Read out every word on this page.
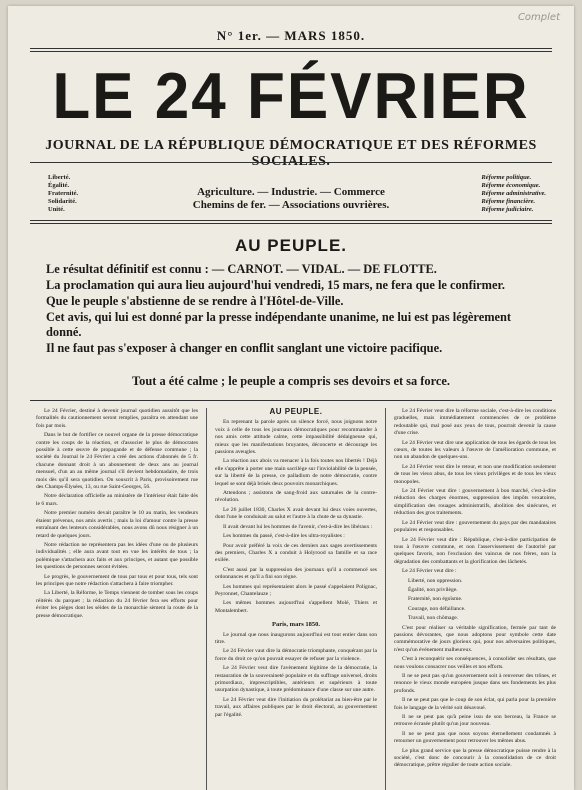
Complet
N° 1er. — MARS 1850.
LE 24 FÉVRIER
JOURNAL DE LA RÉPUBLIQUE DÉMOCRATIQUE ET DES RÉFORMES SOCIALES.
Liberté.
Égalité.
Fraternité.
Solidarité.
Unité.
Agriculture. — Industrie. — Commerce
Chemins de fer. — Associations ouvrières.
Réforme politique.
Réforme économique.
Réforme administrative.
Réforme financière.
Réforme judiciaire.
AU PEUPLE.

Le résultat définitif est connu : — CARNOT. — VIDAL. — DE FLOTTE.

La proclamation qui aura lieu aujourd'hui vendredi, 15 mars, ne fera que le confirmer.

Que le peuple s'abstienne de se rendre à l'Hôtel-de-Ville.

Cet avis, qui lui est donné par la presse indépendante unanime, ne lui est pas légèrement donné.

Il ne faut pas s'exposer à changer en conflit sanglant une victoire pacifique.

Tout a été calme ; le peuple a compris ses devoirs et sa force.

Le 24 Février, destiné à devenir journal quotidien aussitôt que les formalités du cautionnement seront remplies, paraîtra en attendant une fois par mois.

Dans le but de fortifier ce nouvel organe de la presse démocratique contre les coups de la réaction, et d'associer le plus de démocrates possible à cette œuvre de propagande et de défense commune ; la société du Journal le 24 Février a créé des actions d'abonnés de 5 fr. chacune donnant droit à un abonnement de deux ans au journal mensuel, d'un an au même journal s'il devient hebdomadaire, de trois mois dès qu'il sera quotidien. On souscrit à Paris, provisoirement rue des Champs-Élysées, 13, ou rue Saint-Georges, 56.

Notre déclaration officielle au ministère de l'intérieur était faite dès le 6 mars.

Notre premier numéro devait paraître le 10 au matin, les vendeurs étaient prévenus, nos amis avertis ; mais la loi d'amour contre la presse entraînant des lenteurs considérables, nous avons dû nous résigner à un retard de quelques jours.

Notre rédaction ne représentera pas les idées d'une ou de plusieurs individualités ; elle aura avant tout en vue les intérêts de tous ; la polémique s'attachera aux faits et aux principes, et autant que possible les questions de personnes seront évitées.

Le progrès, le gouvernement de tous par tous et pour tous, tels sont les principes que notre rédaction s'attachera à faire triompher.

La Liberté, la Réforme, le Temps viennent de tomber sous les coups réitérés du parquet ; la rédaction du 24 février fera ses efforts pour éviter les pièges dont les séides de la monarchie sèment la route de la presse démocratique.

AU PEUPLE.

En reprenant la parole après un silence forcé, nous joignons notre voix à celle de tous les journaux démocratiques pour recommander à nos amis cette attitude calme, cette impassibilité dédaigneuse qui, mieux que les manifestations bruyantes, déconcerte et décourage les passions aveugles.

La réaction aux abois va menacer à la fois toutes nos libertés ! Déjà elle s'apprête à porter une main sacrilège sur l'inviolabilité de la pensée, sur la liberté de la presse, ce palladium de notre démocratie, contre lequel se sont déjà brisés deux pouvoirs monarchiques.

Attendons ; assistons de sang-froid aux saturnales de la contre-révolution.

Le 26 juillet 1830, Charles X avait devant lui deux voies ouvertes, dont l'une le conduisait au salut et l'autre à la chute de sa dynastie.

Il avait devant lui les hommes de l'avenir, c'est-à-dire les libéraux :

Les hommes du passé, c'est-à-dire les ultra-royalistes :

Pour avoir préféré la voix de ces derniers aux sages avertissements des premiers, Charles X a conduit à Holyrood sa famille et sa race exilée.

C'est aussi par la suppression des journaux qu'il a commencé ses ordonnances et qu'il a fini son règne.

Les hommes qui représentaient alors le passé s'appelaient Polignac, Peyronnet, Chantelauze ;

Les mêmes hommes aujourd'hui s'appellent Molé, Thiers et Montalembert.

Paris, mars 1850.

Le journal que nous inaugurons aujourd'hui est tout entier dans son titre.

Le 24 Février vaut dire la démocratie triomphante, conquérant par la force du droit ce qu'on pouvait essayer de refuser par la violence.

Le 24 Février veut dire l'avènement légitime de la démocratie, la restauration de la souveraineté populaire et du suffrage universel, droits primordiaux, imprescriptibles, antérieurs et supérieurs à toute usurpation dynastique, à toute prédominance d'une classe sur une autre.

Le 24 Février veut dire l'initiation du prolétariat au bien-être par le travail, aux affaires publiques par le droit électoral, au gouvernement par l'égalité.

Le 24 Février veut dire la réforme sociale, c'est-à-dire les conditions graduelles, mais immédiatement commencées de ce problème redoutable qui, mal posé aux yeux de tous, pourrait devenir la cause d'une crise.

Le 24 Février veut dire une application de tous les égards de tous les cœurs, de toutes les valeurs à l'œuvre de l'amélioration commune, et non un abandon de quelques-uns.

Le 24 Février veut dire le retour, et non une modification seulement de tous les vieux abus, de tous les vieux privilèges et de tous les vieux monopoles.

Le 24 Février veut dire : gouvernement à bon marché, c'est-à-dire réduction des charges énormes, suppression des impôts vexatoires, simplification des rouages administratifs, abolition des sinécures, et réduction des gros traitements.

Le 24 Février veut dire : gouvernement du pays par des mandataires populaires et responsables.

Le 24 Février veut dire : République, c'est-à-dire participation de tous à l'œuvre commune, et non l'asservissement de l'autorité par quelques favoris, non l'exclusion des vaincus de nos frères, non la dégradation des combattants et la glorification des lâchetés.

Le 24 Février veut dire :

Liberté, non oppression.

Égalité, non privilège.

Fraternité, non égoïsme.

Courage, non défaillance.

Travail, non chômage.

C'est pour réaliser sa véritable signification, fermée par tant de passions dévorantes, que nous adoptons pour symbole cette date commémorative de jours glorieux qui, pour nos adversaires politiques, n'est qu'un événement malheureux.

C'est à reconquérir ses conséquences, à consolider ses résultats, que nous voulons consacrer nos veilles et nos efforts.

Il ne se peut pas qu'un gouvernement soit à renverser des trônes, et renonce le vieux monde européen jusque dans ses fondements les plus profonds.

Il ne se peut pas que le coup de son éclat, qui parla pour la première fois le langage de la vérité soit désavoué.

Il ne se peut pas qu'à peine issu de son berceau, la France se retrouve écrasée plutôt qu'un jour nouveau.

Il ne se peut pas que nous soyons éternellement condamnés à retourner un gouvernement pour retrouver les mêmes abus.

Le plus grand service que la presse démocratique puisse rendre à la société, c'est donc de concourir à la consolidation de ce droit démocratique, prêtre régulier de toute action sociale.
